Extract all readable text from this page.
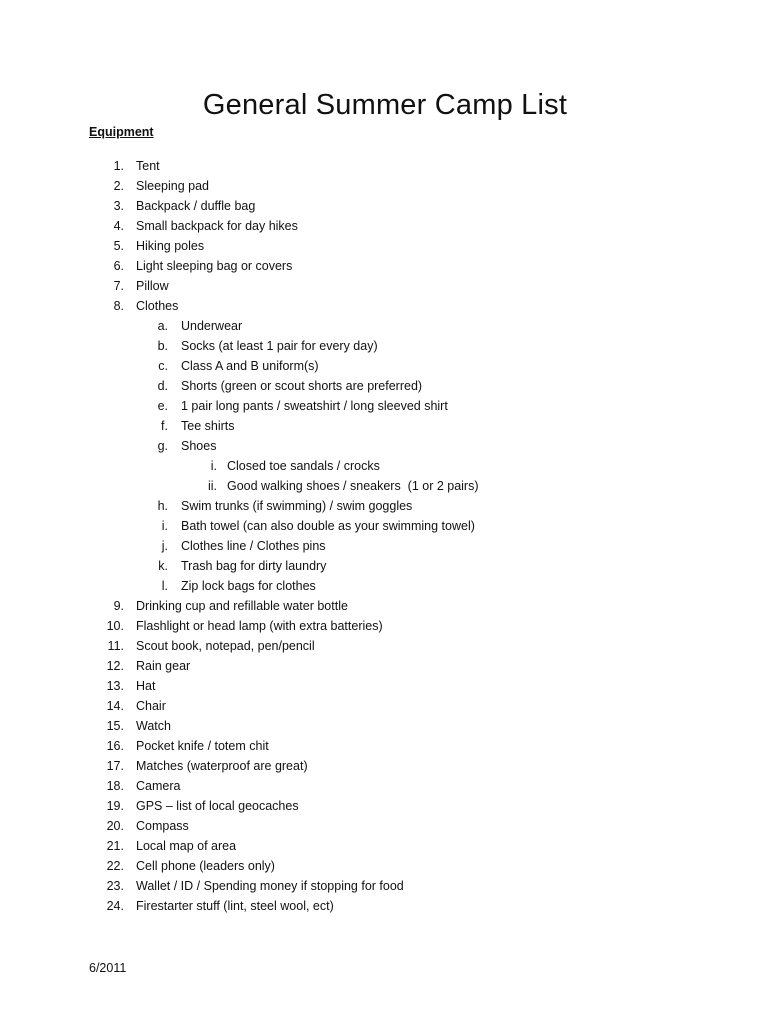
General Summer Camp List
Equipment
1. Tent
2. Sleeping pad
3. Backpack / duffle bag
4. Small backpack for day hikes
5. Hiking poles
6. Light sleeping bag or covers
7. Pillow
8. Clothes
a. Underwear
b. Socks (at least 1 pair for every day)
c. Class A and B uniform(s)
d. Shorts (green or scout shorts are preferred)
e. 1 pair long pants / sweatshirt / long sleeved shirt
f. Tee shirts
g. Shoes
i. Closed toe sandals / crocks
ii. Good walking shoes / sneakers  (1 or 2 pairs)
h. Swim trunks (if swimming) / swim goggles
i. Bath towel (can also double as your swimming towel)
j. Clothes line / Clothes pins
k. Trash bag for dirty laundry
l. Zip lock bags for clothes
9. Drinking cup and refillable water bottle
10. Flashlight or head lamp (with extra batteries)
11. Scout book, notepad, pen/pencil
12. Rain gear
13. Hat
14. Chair
15. Watch
16. Pocket knife / totem chit
17. Matches (waterproof are great)
18. Camera
19. GPS – list of local geocaches
20. Compass
21. Local map of area
22. Cell phone (leaders only)
23. Wallet / ID / Spending money if stopping for food
24. Firestarter stuff (lint, steel wool, ect)
6/2011
